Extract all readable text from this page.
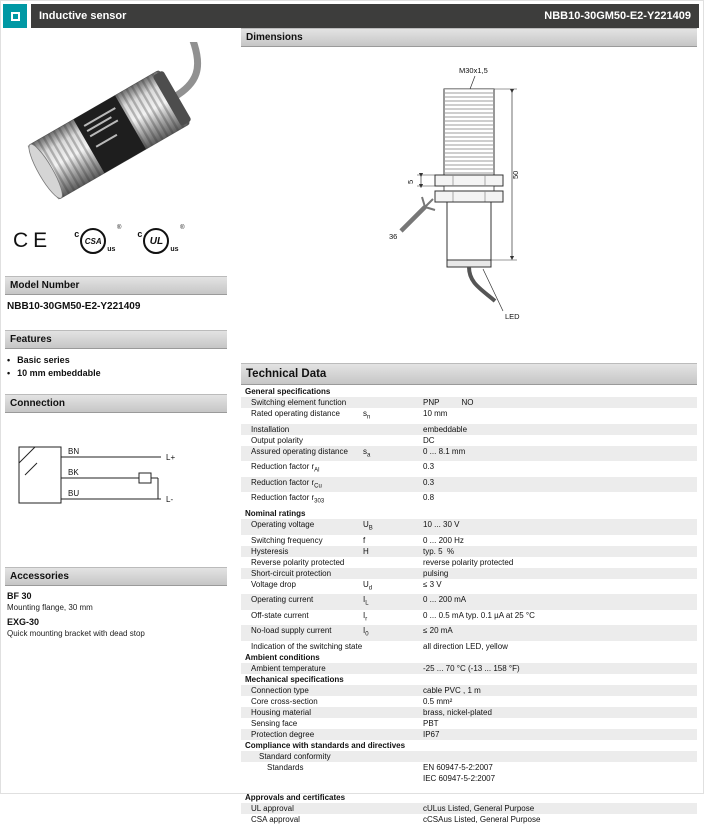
Inductive sensor	NBB10-30GM50-E2-Y221409
CE c
CSA
us
®
c
UL
us
®
Model Number
NBB10-30GM50-E2-Y221409
Features
• Basic series
• 10 mm embeddable
Connection
BN
L+
BK
BU
L-
Accessories
BF 30
Mounting flange, 30 mm
EXG-30
Quick mounting bracket with dead stop
Dimensions
M30x1,5
5
50
36
LED
Technical Data
General specifications
Switching element function	PNP          NO
Rated operating distance	$s_n$	10 mm
Installation	embeddable
Output polarity	DC
Assured operating distance	$s_a$	0 ... 8.1 mm
Reduction factor $r_{Al}$	0.3
Reduction factor $r_{Cu}$	0.3
Reduction factor $r_{303}$	0.8
Nominal ratings
Operating voltage	$U_B$	10 ... 30 V
Switching frequency	f	0 ... 200 Hz
Hysteresis	H	typ. 5  %
Reverse polarity protected	reverse polarity protected
Short-circuit protection	pulsing
Voltage drop	$U_d$	≤ 3 V
Operating current	$I_L$	0 ... 200 mA
Off-state current	$I_r$	0 ... 0.5 mA typ. 0.1 µA at 25 °C
No-load supply current	$I_0$	≤ 20 mA
Indication of the switching state	all direction LED, yellow
Ambient conditions
Ambient temperature	-25 ... 70 °C (-13 ... 158 °F)
Mechanical specifications
Connection type	cable PVC , 1 m
Core cross-section	0.5 mm²
Housing material	brass, nickel-plated
Sensing face	PBT
Protection degree	IP67
Compliance with standards and directives
Standard conformity
Standards	EN 60947-5-2:2007
IEC 60947-5-2:2007
Approvals and certificates
UL approval	cULus Listed, General Purpose
CSA approval	cCSAus Listed, General Purpose
